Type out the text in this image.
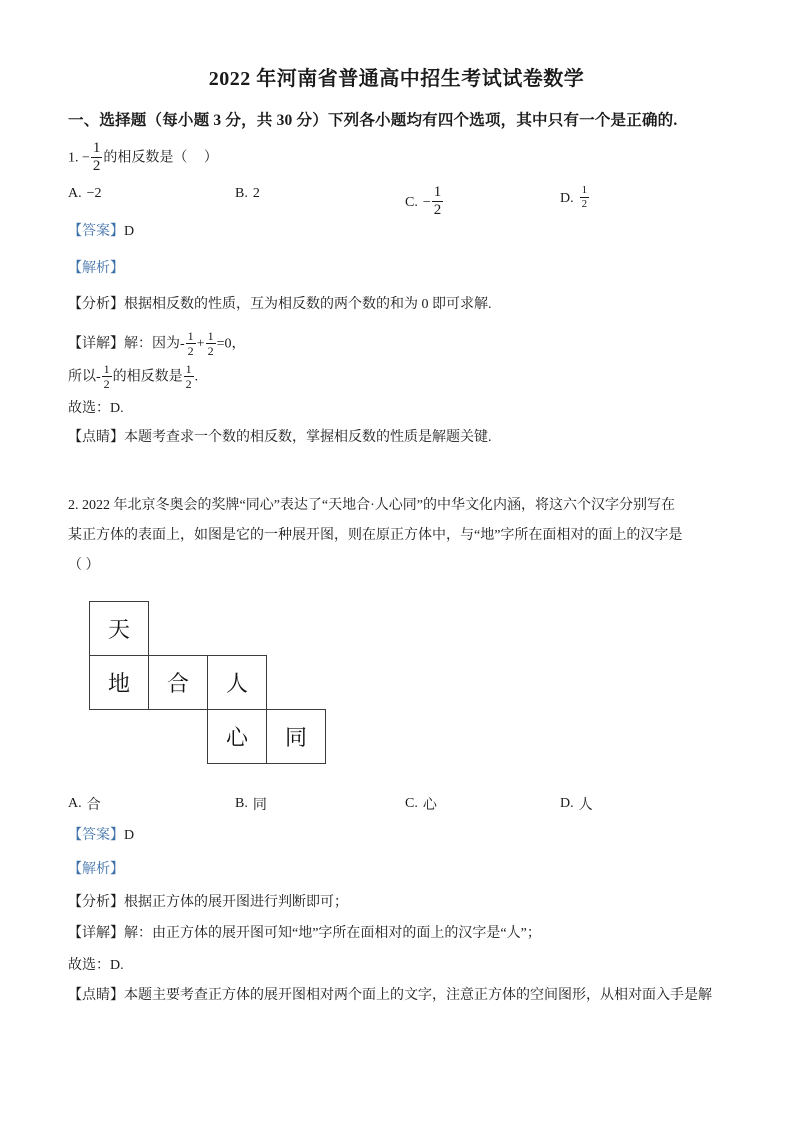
2022 年河南省普通高中招生考试试卷数学
一、选择题（每小题 3 分，共 30 分）下列各小题均有四个选项，其中只有一个是正确的.
1. − $\frac{1}{2}$ 的相反数是（ ）
A. −2	B. 2
C. − $\frac{1}{2}$	D. $\frac{1}{2}$
【答案】D
【解析】
【分析】根据相反数的性质，互为相反数的两个数的和为 0 即可求解.
【详解】解：因为- $\frac{1}{2} + \frac{1}{2} =0$，
所以- $\frac{1}{2}$ 的相反数是 $\frac{1}{2}$ .
故选：D.
【点睛】本题考查求一个数的相反数，掌握相反数的性质是解题关键.
2. 2022 年北京冬奥会的奖牌“同心”表达了“天地合·人心同”的中华文化内涵，将这六个汉字分别写在
某正方体的表面上，如图是它的一种展开图，则在原正方体中，与“地”字所在面相对的面上的汉字是
（ ）
天
地	合	人
心	同
A. 合	B. 同	C. 心	D. 人
【答案】D
【解析】
【分析】根据正方体的展开图进行判断即可；
【详解】解：由正方体的展开图可知“地”字所在面相对的面上的汉字是“人”；
故选：D.
【点睛】本题主要考查正方体的展开图相对两个面上的文字，注意正方体的空间图形，从相对面入手是解
